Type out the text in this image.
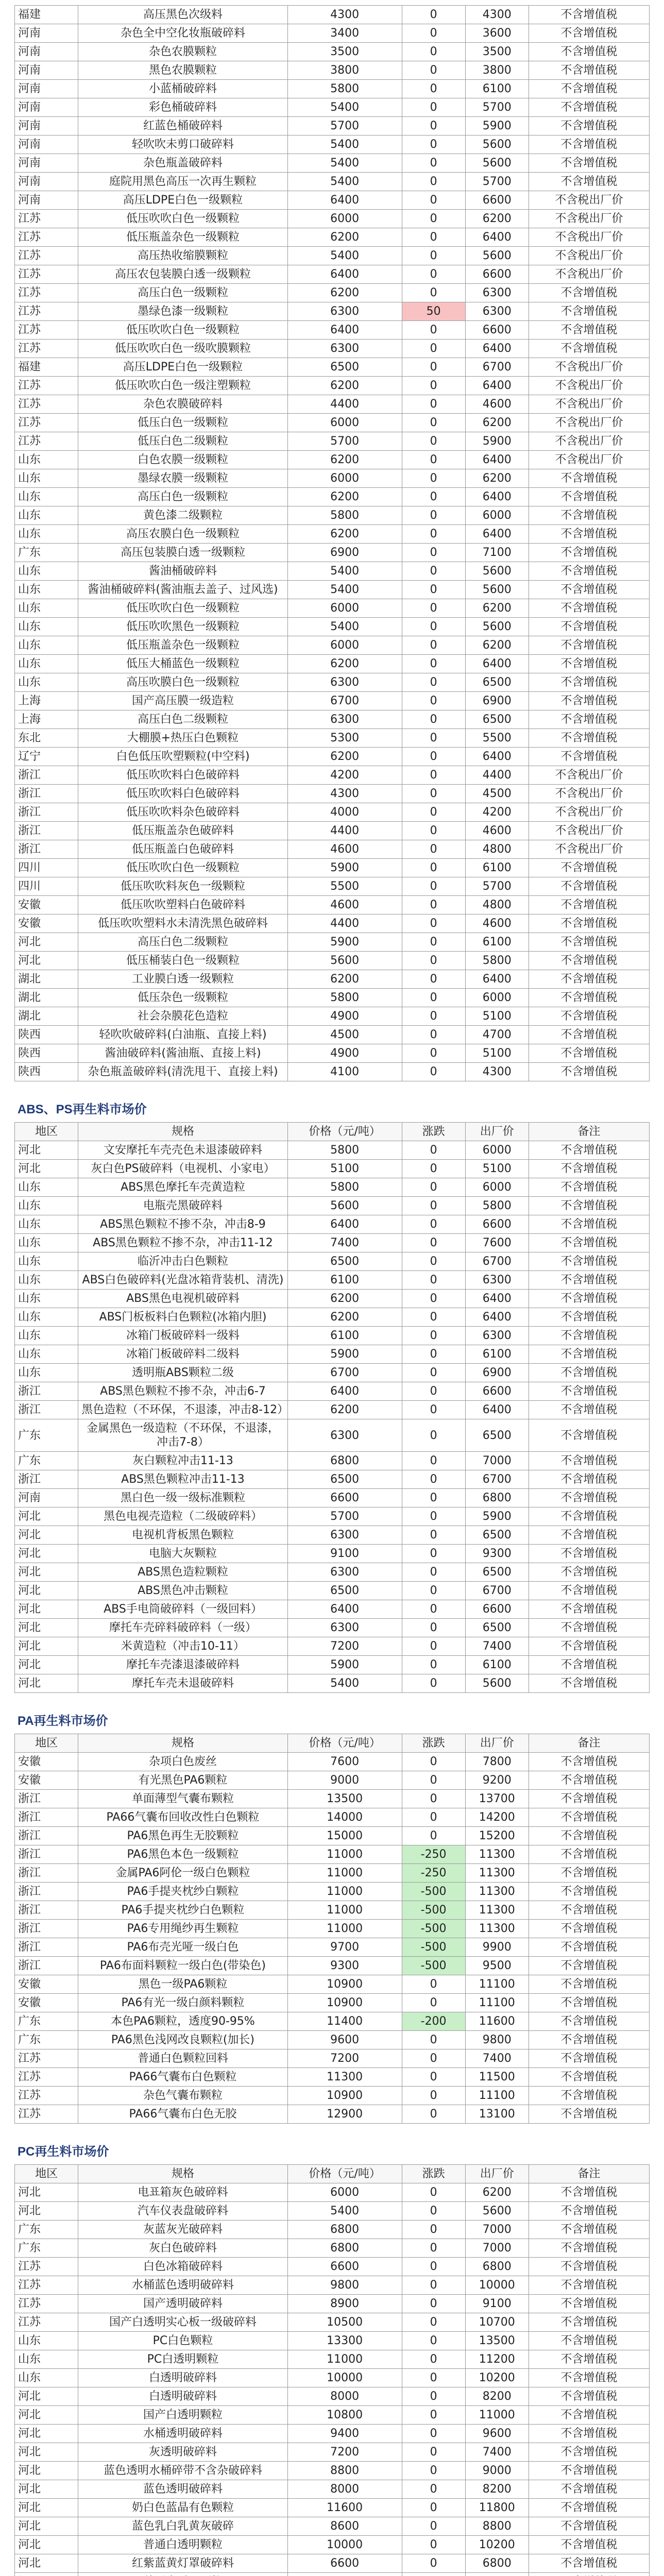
福建	高压黑色次级料	4300	0	4300	不含增值税
河南	杂色全中空化妆瓶破碎料	3400	0	3600	不含增值税
河南	杂色农膜颗粒	3500	0	3500	不含增值税
河南	黑色农膜颗粒	3800	0	3800	不含增值税
河南	小蓝桶破碎料	5800	0	6100	不含增值税
河南	彩色桶破碎料	5400	0	5700	不含增值税
河南	红蓝色桶破碎料	5700	0	5900	不含增值税
河南	轻吹吹未剪口破碎料	5400	0	5600	不含增值税
河南	杂色瓶盖破碎料	5400	0	5600	不含增值税
河南	庭院用黑色高压一次再生颗粒	5400	0	5700	不含增值税
河南	高压LDPE白色一级颗粒	6400	0	6600	不含税出厂价
江苏	低压吹吹白色一级颗粒	6000	0	6200	不含税出厂价
江苏	低压瓶盖杂色一级颗粒	6200	0	6400	不含税出厂价
江苏	高压热收缩膜颗粒	5400	0	5600	不含税出厂价
江苏	高压农包装膜白透一级颗粒	6400	0	6600	不含税出厂价
江苏	高压白色一级颗粒	6200	0	6300	不含增值税
江苏	墨绿色漆一级颗粒	6300	50	6300	不含增值税
江苏	低压吹吹白色一级颗粒	6400	0	6600	不含增值税
江苏	低压吹吹白色一级吹膜颗粒	6300	0	6400	不含增值税
福建	高压LDPE白色一级颗粒	6500	0	6700	不含税出厂价
江苏	低压吹吹白色一级注塑颗粒	6200	0	6400	不含税出厂价
江苏	杂色农膜破碎料	4400	0	4600	不含税出厂价
江苏	低压白色一级颗粒	6000	0	6200	不含税出厂价
江苏	低压白色二级颗粒	5700	0	5900	不含税出厂价
山东	白色农膜一级颗粒	6200	0	6400	不含税出厂价
山东	墨绿农膜一级颗粒	6000	0	6200	不含增值税
山东	高压白色一级颗粒	6200	0	6400	不含增值税
山东	黄色漆二级颗粒	5800	0	6000	不含增值税
山东	高压农膜白色一级颗粒	6200	0	6400	不含增值税
广东	高压包装膜白透一级颗粒	6900	0	7100	不含增值税
山东	酱油桶破碎料	5400	0	5600	不含增值税
山东	酱油桶破碎料(酱油瓶去盖子、过风选)	5400	0	5600	不含增值税
山东	低压吹吹白色一级颗粒	6000	0	6200	不含增值税
山东	低压吹吹黑色一级颗粒	5400	0	5600	不含增值税
山东	低压瓶盖杂色一级颗粒	6000	0	6200	不含增值税
山东	低压大桶蓝色一级颗粒	6200	0	6400	不含增值税
山东	高压吹膜白色一级颗粒	6300	0	6500	不含增值税
上海	国产高压膜一级造粒	6700	0	6900	不含增值税
上海	高压白色二级颗粒	6300	0	6500	不含增值税
东北	大棚膜+热压白色颗粒	5300	0	5500	不含增值税
辽宁	白色低压吹塑颗粒(中空料)	6200	0	6400	不含增值税
浙江	低压吹吹料白色破碎料	4200	0	4400	不含税出厂价
浙江	低压吹吹料白色破碎料	4300	0	4500	不含税出厂价
浙江	低压吹吹料杂色破碎料	4000	0	4200	不含税出厂价
浙江	低压瓶盖杂色破碎料	4400	0	4600	不含税出厂价
浙江	低压瓶盖白色破碎料	4600	0	4800	不含税出厂价
四川	低压吹吹白色一级颗粒	5900	0	6100	不含增值税
四川	低压吹吹料灰色一级颗粒	5500	0	5700	不含增值税
安徽	低压吹吹塑料白色破碎料	4600	0	4800	不含增值税
安徽	低压吹吹塑料水未清洗黑色破碎料	4400	0	4600	不含增值税
河北	高压白色二级颗粒	5900	0	6100	不含增值税
河北	低压桶装白色一级颗粒	5600	0	5800	不含增值税
湖北	工业膜白透一级颗粒	6200	0	6400	不含增值税
湖北	低压杂色一级颗粒	5800	0	6000	不含增值税
湖北	社会杂膜花色造粒	4900	0	5100	不含增值税
陕西	轻吹吹破碎料(白油瓶、直接上料)	4500	0	4700	不含增值税
陕西	酱油破碎料(酱油瓶、直接上料)	4900	0	5100	不含增值税
陕西	杂色瓶盖破碎料(清洗甩干、直接上料)	4100	0	4300	不含增值税
ABS、PS再生料市场价
地区	规格	价格（元/吨）	涨跌	出厂价	备注
河北	文安摩托车壳壳色未退漆破碎料	5800	0	6000	不含增值税
河北	灰白色PS破碎料（电视机、小家电）	5100	0	5100	不含增值税
山东	ABS黑色摩托车壳黄造粒	5800	0	6000	不含增值税
山东	电瓶壳黑破碎料	5600	0	5800	不含增值税
山东	ABS黑色颗粒不掺不杂，冲击8-9	6400	0	6600	不含增值税
山东	ABS黑色颗粒不掺不杂，冲击11-12	7400	0	7600	不含增值税
山东	临沂冲击白色颗粒	6500	0	6700	不含增值税
山东	ABS白色破碎料(光盘冰箱背装机、清洗)	6100	0	6300	不含增值税
山东	ABS黑色电视机破碎料	6200	0	6400	不含增值税
山东	ABS门板板料白色颗粒(冰箱内胆)	6200	0	6400	不含增值税
山东	冰箱门板破碎料一级料	6100	0	6300	不含增值税
山东	冰箱门板破碎料二级料	5900	0	6100	不含增值税
山东	透明瓶ABS颗粒二级	6700	0	6900	不含增值税
浙江	ABS黑色颗粒不掺不杂，冲击6-7	6400	0	6600	不含增值税
浙江	黑色造粒（不环保，不退漆，冲击8-12）	6200	0	6400	不含增值税
广东	金属黑色一级造粒（不环保，不退漆，冲击7-8）	6300	0	6500	不含增值税
广东	灰白颗粒冲击11-13	6800	0	7000	不含增值税
浙江	ABS黑色颗粒冲击11-13	6500	0	6700	不含增值税
河南	黑白色一级一级标准颗粒	6600	0	6800	不含增值税
河北	黑色电视壳造粒（二级破碎料）	5700	0	5900	不含增值税
河北	电视机背板黑色颗粒	6300	0	6500	不含增值税
河北	电脑大灰颗粒	9100	0	9300	不含增值税
河北	ABS黑色造粒颗粒	6300	0	6500	不含增值税
河北	ABS黑色冲击颗粒	6500	0	6700	不含增值税
河北	ABS手电筒破碎料（一级回料）	6400	0	6600	不含增值税
河北	摩托车壳碎料破碎料（一级）	6300	0	6500	不含增值税
河北	米黄造粒（冲击10-11）	7200	0	7400	不含增值税
河北	摩托车壳漆退漆破碎料	5900	0	6100	不含增值税
河北	摩托车壳未退破碎料	5400	0	5600	不含增值税
PA再生料市场价
地区	规格	价格（元/吨）	涨跌	出厂价	备注
安徽	杂项白色废丝	7600	0	7800	不含增值税
安徽	有光黑色PA6颗粒	9000	0	9200	不含增值税
浙江	单面薄型气囊布颗粒	13500	0	13700	不含增值税
浙江	PA66气囊布回收改性白色颗粒	14000	0	14200	不含增值税
浙江	PA6黑色再生无胶颗粒	15000	0	15200	不含增值税
浙江	PA6黑色本色一级颗粒	11000	-250	11300	不含增值税
浙江	金属PA6阿伦一级白色颗粒	11000	-250	11300	不含增值税
浙江	PA6手提夹枕纱白颗粒	11000	-500	11300	不含增值税
浙江	PA6手提夹枕纱白色颗粒	11000	-500	11300	不含增值税
浙江	PA6专用绳纱再生颗粒	11000	-500	11300	不含增值税
浙江	PA6布壳光哑一级白色	9700	-500	9900	不含增值税
浙江	PA6布面料颗粒一级白色(带染色)	9300	-500	9500	不含增值税
安徽	黑色一级PA6颗粒	10900	0	11100	不含增值税
安徽	PA6有光一级白颜料颗粒	10900	0	11100	不含增值税
广东	本色PA6颗粒，透度90-95%	11400	-200	11600	不含增值税
广东	PA6黑色浅网改良颗粒(加长)	9600	0	9800	不含增值税
江苏	普通白色颗粒回料	7200	0	7400	不含增值税
江苏	PA66气囊布白色颗粒	11300	0	11500	不含增值税
江苏	杂色气囊布颗粒	10900	0	11100	不含增值税
江苏	PA66气囊布白色无胶	12900	0	13100	不含增值税
PC再生料市场价
地区	规格	价格（元/吨）	涨跌	出厂价	备注
河北	电표箱灰色破碎料	6000	0	6200	不含增值税
河北	汽车仪表盘破碎料	5400	0	5600	不含增值税
广东	灰蓝灰光破碎料	6800	0	7000	不含增值税
广东	灰白色破碎料	6800	0	7000	不含增值税
江苏	白色冰箱破碎料	6600	0	6800	不含增值税
江苏	水桶蓝色透明破碎料	9800	0	10000	不含增值税
江苏	国产透明破碎料	8900	0	9100	不含增值税
江苏	国产白透明实心板一级破碎料	10500	0	10700	不含增值税
山东	PC白色颗粒	13300	0	13500	不含增值税
山东	PC白透明颗粒	11000	0	11200	不含增值税
山东	白透明破碎料	10000	0	10200	不含增值税
河北	白透明破碎料	8000	0	8200	不含增值税
河北	国产白透明颗粒	10800	0	11000	不含增值税
河北	水桶透明破碎料	9400	0	9600	不含增值税
河北	灰透明破碎料	7200	0	7400	不含增值税
河北	蓝色透明水桶碎带不含杂破碎料	8800	0	9000	不含增值税
河北	蓝色透明破碎料	8000	0	8200	不含增值税
河北	奶白色蓝晶有色颗粒	11600	0	11800	不含增值税
河北	蓝色乳白乳黄灰破碎	8600	0	8800	不含增值税
河北	普通白透明颗粒	10000	0	10200	不含增值税
河北	红紫蓝黄灯罩破碎料	6600	0	6800	不含增值税
